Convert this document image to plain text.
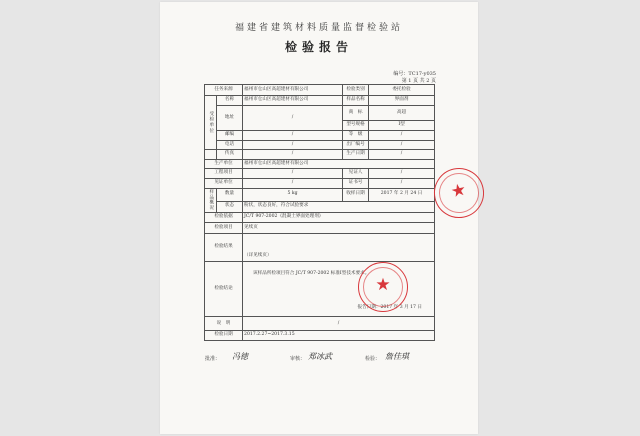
福建省建筑材料质量监督检验站
检验报告
编号：TC17-y035
第 1 页 共 2 页
任务来源		福州市仓山区高超建材有限公司	检验类别	委托检验
受检单位	名称	福州市仓山区高超建材有限公司	样品名称	界面剂
	地址	/	商　标	高超
			型号规格	Ⅰ型
	邮编	/	等　级	/
	电话	/	出厂编号	/
	传真	/	生产日期	/
生产单位		福州市仓山区高超建材有限公司		
工程项目		/	见证人	/
见证单位		/	证书号	/
样品概况	数量	5 kg	收样日期	2017 年 2 月 24 日
	状态	粉状，状态良好，符合试验要求		
检验依据		JC/T 907-2002《混凝土界面处理剂》		
检验项目		见续页		
检验结果		（详见续页）		
检验结论		该样品所检项目符合 JC/T 907-2002 标准Ⅰ型技术要求。
报告日期：2017 年 3 月 17 日		

说　明		/		
检验日期		2017.2.27~2017.3.15		
★
★
批准： 冯徳	审核： 郑冰武	检验： 詹佳琪
